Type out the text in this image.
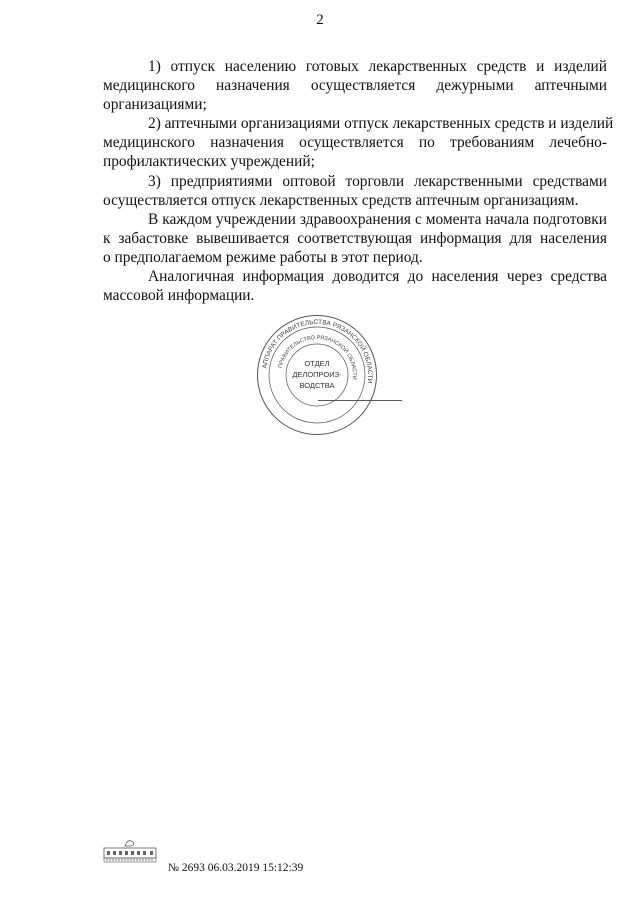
2
1) отпуск населению готовых лекарственных средств и изделий
медицинского назначения осуществляется дежурными аптечными
организациями;
2) аптечными организациями отпуск лекарственных средств и изделий
медицинского назначения осуществляется по требованиям лечебно-
профилактических учреждений;
3) предприятиями оптовой торговли лекарственными средствами
осуществляется отпуск лекарственных средств аптечным организациям.
В каждом учреждении здравоохранения с момента начала подготовки
к забастовке вывешивается соответствующая информация для населения
о предполагаемом режиме работы в этот период.
Аналогичная информация доводится до населения через средства
массовой информации.
АППАРАТ ПРАВИТЕЛЬСТВА РЯЗАНСКОЙ ОБЛАСТИ
ПРАВИТЕЛЬСТВО РЯЗАНСКОЙ ОБЛАСТИ
ОТДЕЛ
ДЕЛОПРОИЗ-
ВОДСТВА
№ 2693 06.03.2019 15:12:39
